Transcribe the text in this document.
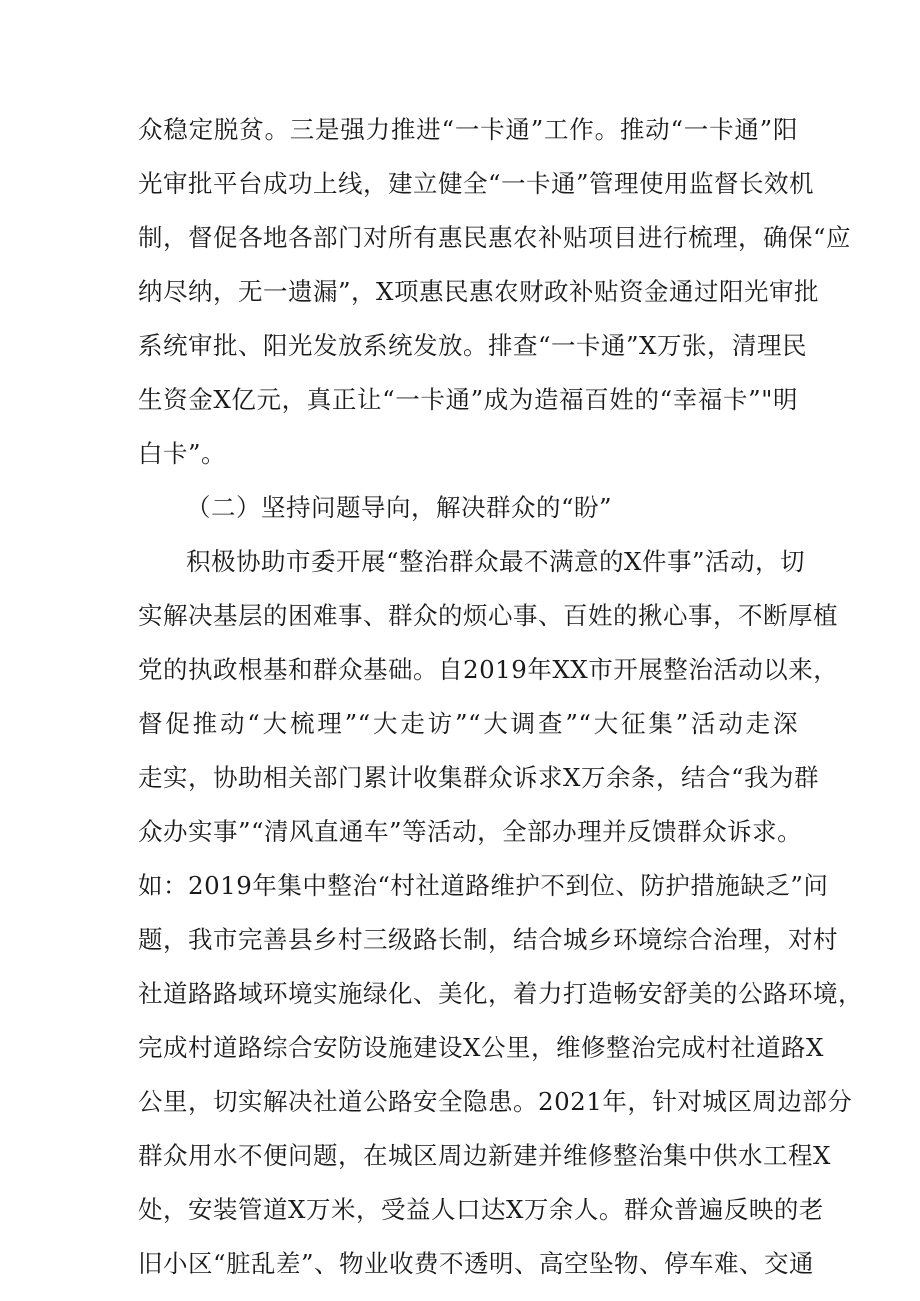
众稳定脱贫。三是强力推进“一卡通”工作。推动“一卡通”阳
光审批平台成功上线，建立健全“一卡通”管理使用监督长效机
制，督促各地各部门对所有惠民惠农补贴项目进行梳理，确保“应
纳尽纳，无一遗漏”，X项惠民惠农财政补贴资金通过阳光审批
系统审批、阳光发放系统发放。排查“一卡通”X万张，清理民
生资金X亿元，真正让“一卡通”成为造福百姓的“幸福卡”"明
白卡”。
（二）坚持问题导向，解决群众的“盼”
积极协助市委开展“整治群众最不满意的X件事”活动，切
实解决基层的困难事、群众的烦心事、百姓的揪心事，不断厚植
党的执政根基和群众基础。自2019年XX市开展整治活动以来，
督促推动“大梳理”“大走访”“大调查”“大征集”活动走深
走实，协助相关部门累计收集群众诉求X万余条，结合“我为群
众办实事”“清风直通车”等活动，全部办理并反馈群众诉求。
如：2019年集中整治“村社道路维护不到位、防护措施缺乏”问
题，我市完善县乡村三级路长制，结合城乡环境综合治理，对村
社道路路域环境实施绿化、美化，着力打造畅安舒美的公路环境，
完成村道路综合安防设施建设X公里，维修整治完成村社道路X
公里，切实解决社道公路安全隐患。2021年，针对城区周边部分
群众用水不便问题，在城区周边新建并维修整治集中供水工程X
处，安装管道X万米，受益人口达X万余人。群众普遍反映的老
旧小区“脏乱差”、物业收费不透明、高空坠物、停车难、交通
